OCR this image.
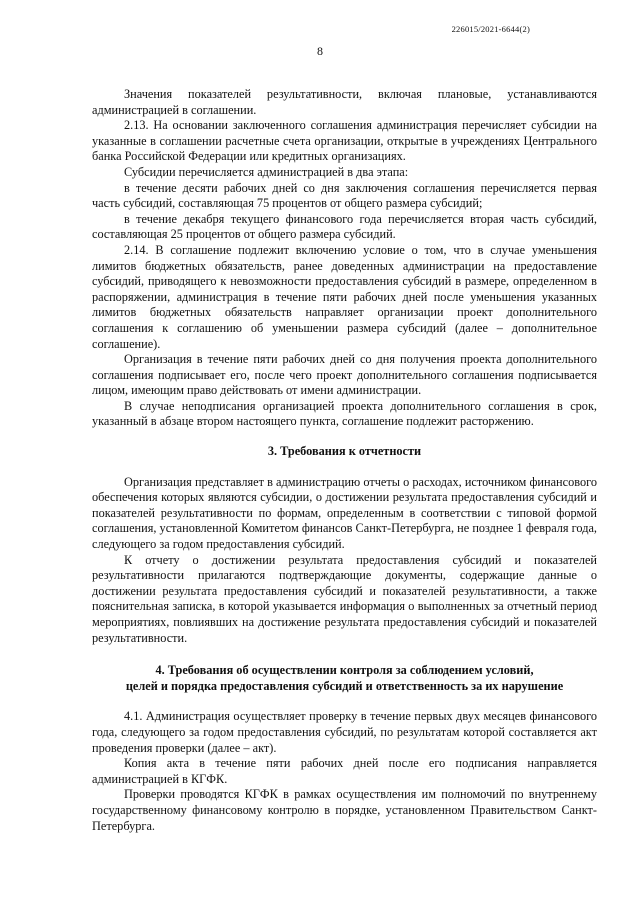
226015/2021-6644(2)
8

Значения показателей результативности, включая плановые, устанавливаются администрацией в соглашении.

2.13. На основании заключенного соглашения администрация перечисляет субсидии на указанные в соглашении расчетные счета организации, открытые в учреждениях Центрального банка Российской Федерации или кредитных организациях.

Субсидии перечисляется администрацией в два этапа:

в течение десяти рабочих дней со дня заключения соглашения перечисляется первая часть субсидий, составляющая 75 процентов от общего размера субсидий;

в течение декабря текущего финансового года перечисляется вторая часть субсидий, составляющая 25 процентов от общего размера субсидий.

2.14. В соглашение подлежит включению условие о том, что в случае уменьшения лимитов бюджетных обязательств, ранее доведенных администрации на предоставление субсидий, приводящего к невозможности предоставления субсидий в размере, определенном в распоряжении, администрация в течение пяти рабочих дней после уменьшения указанных лимитов бюджетных обязательств направляет организации проект дополнительного соглашения к соглашению об уменьшении размера субсидий (далее – дополнительное соглашение).

Организация в течение пяти рабочих дней со дня получения проекта дополнительного соглашения подписывает его, после чего проект дополнительного соглашения подписывается лицом, имеющим право действовать от имени администрации.

В случае неподписания организацией проекта дополнительного соглашения в срок, указанный в абзаце втором настоящего пункта, соглашение подлежит расторжению.

3. Требования к отчетности

Организация представляет в администрацию отчеты о расходах, источником финансового обеспечения которых являются субсидии, о достижении результата предоставления субсидий и показателей результативности по формам, определенным в соответствии с типовой формой соглашения, установленной Комитетом финансов Санкт-Петербурга, не позднее 1 февраля года, следующего за годом предоставления субсидий.

К отчету о достижении результата предоставления субсидий и показателей результативности прилагаются подтверждающие документы, содержащие данные о достижении результата предоставления субсидий и показателей результативности, а также пояснительная записка, в которой указывается информация о выполненных за отчетный период мероприятиях, повлиявших на достижение результата предоставления субсидий и показателей результативности.

4. Требования об осуществлении контроля за соблюдением условий,
целей и порядка предоставления субсидий и ответственность за их нарушение

4.1. Администрация осуществляет проверку в течение первых двух месяцев финансового года, следующего за годом предоставления субсидий, по результатам которой составляется акт проведения проверки (далее – акт).

Копия акта в течение пяти рабочих дней после его подписания направляется администрацией в КГФК.

Проверки проводятся КГФК в рамках осуществления им полномочий по внутреннему государственному финансовому контролю в порядке, установленном Правительством Санкт-Петербурга.
